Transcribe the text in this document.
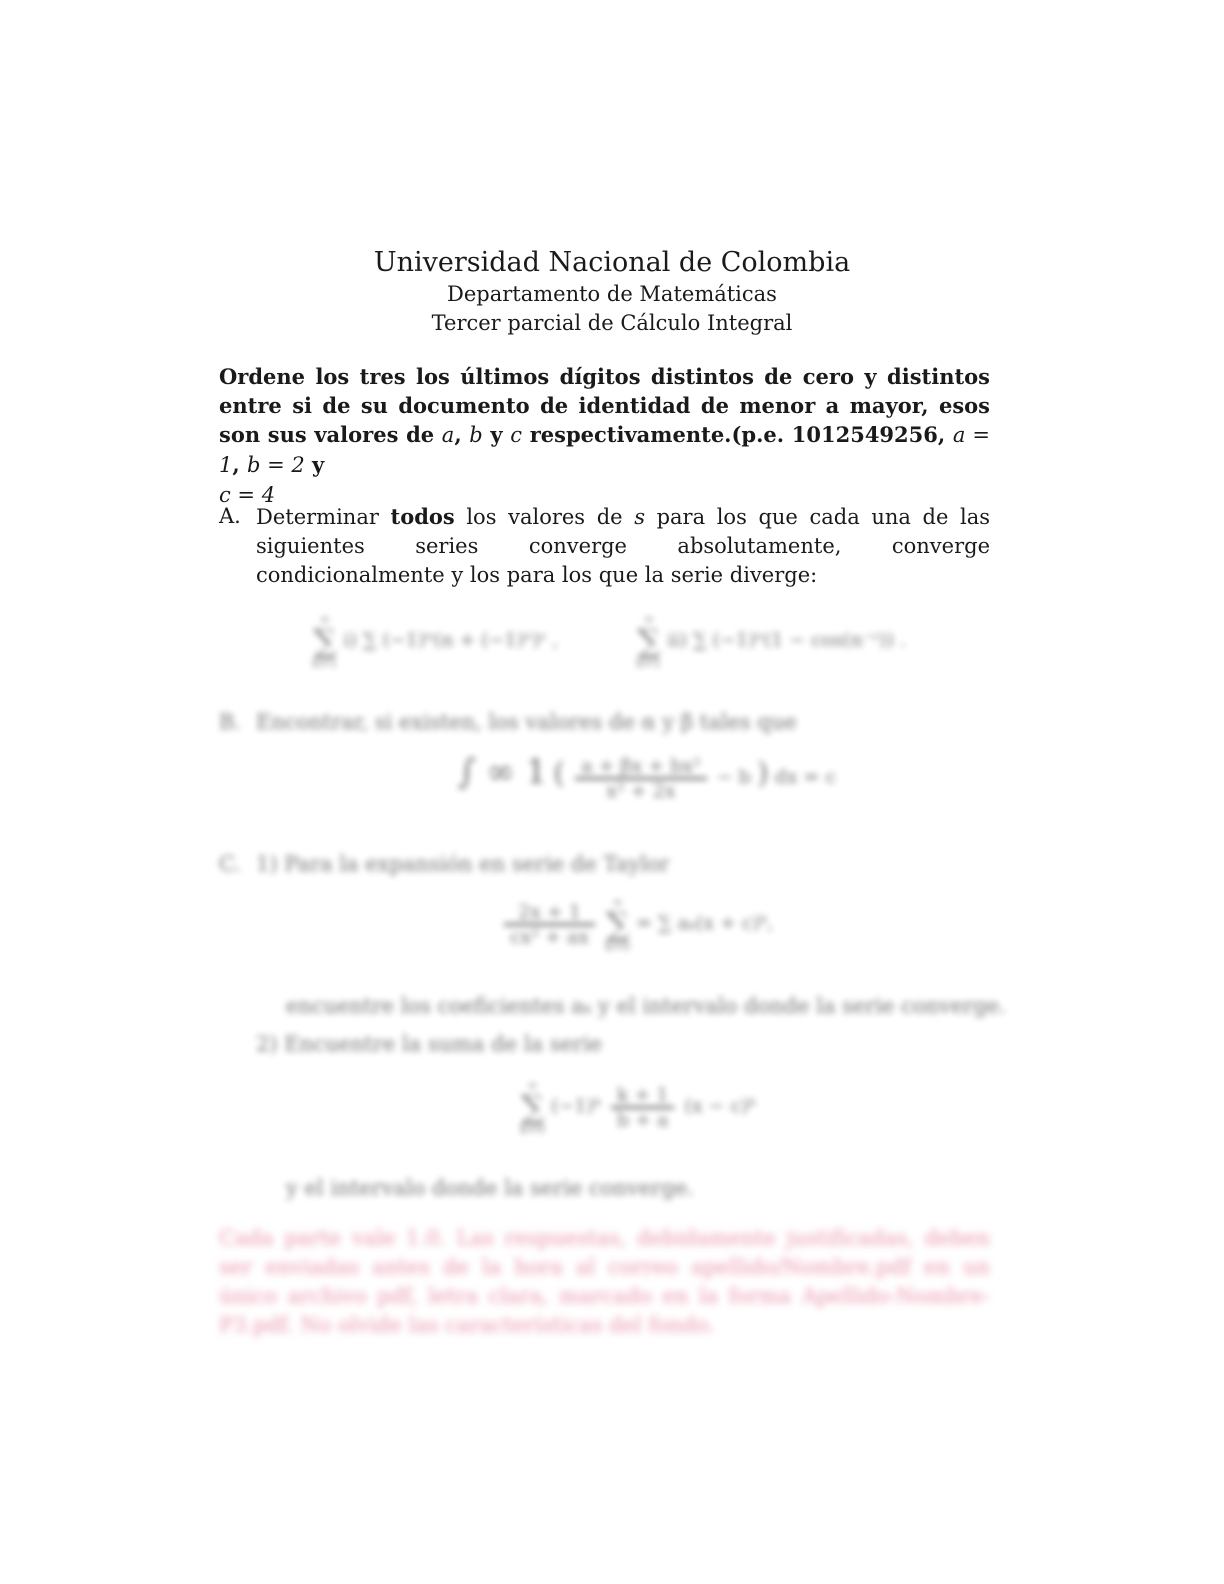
Universidad Nacional de Colombia
Departamento de Matemáticas
Tercer parcial de Cálculo Integral
Ordene los tres los últimos dígitos distintos de cero y distintos entre si de su documento de identidad de menor a mayor, esos son sus valores de a, b y c respectivamente.(p.e. 1012549256, a = 1, b = 2 y
c = 4
A. Determinar todos los valores de s para los que cada una de las siguientes series converge absolutamente, converge condicionalmente y los para los que la serie diverge:
∞
∑
n=1 i) ∑ (−1)ⁿ(n + (−1)ⁿ)ˢ ,
∞
∑
n=1 ii) ∑ (−1)ⁿ(1 − cos(n⁻ˢ)) .
B. Encontrar, si existen, los valores de α y β tales que
∫ ∞ 1 ( $\frac{\text{a + βx + bx²}}{\text{x² + 2x}} - b$ ) dx = c
C. 1) Para la expansión en serie de Taylor
$\frac{2x + 1}{\text{cx² + ax}}$ ∞
∑
k=0 = ∑ aₖ(x + c)ᵏ,
encuentre los coeficientes aₖ y el intervalo donde la serie converge.
2) Encuentre la suma de la serie
∞
∑
k=0 (−1)ᵏ $\frac{k + 1}{b + a} (x$ − c)ᵏ
y el intervalo donde la serie converge.
Cada parte vale 1.0. Las respuestas, debidamente justificadas, deben ser enviadas antes de la hora al correo apellido/Nombre.pdf en un único archivo pdf, letra clara, marcado en la forma Apellido-Nombre-P3.pdf. No olvide las características del fondo.
